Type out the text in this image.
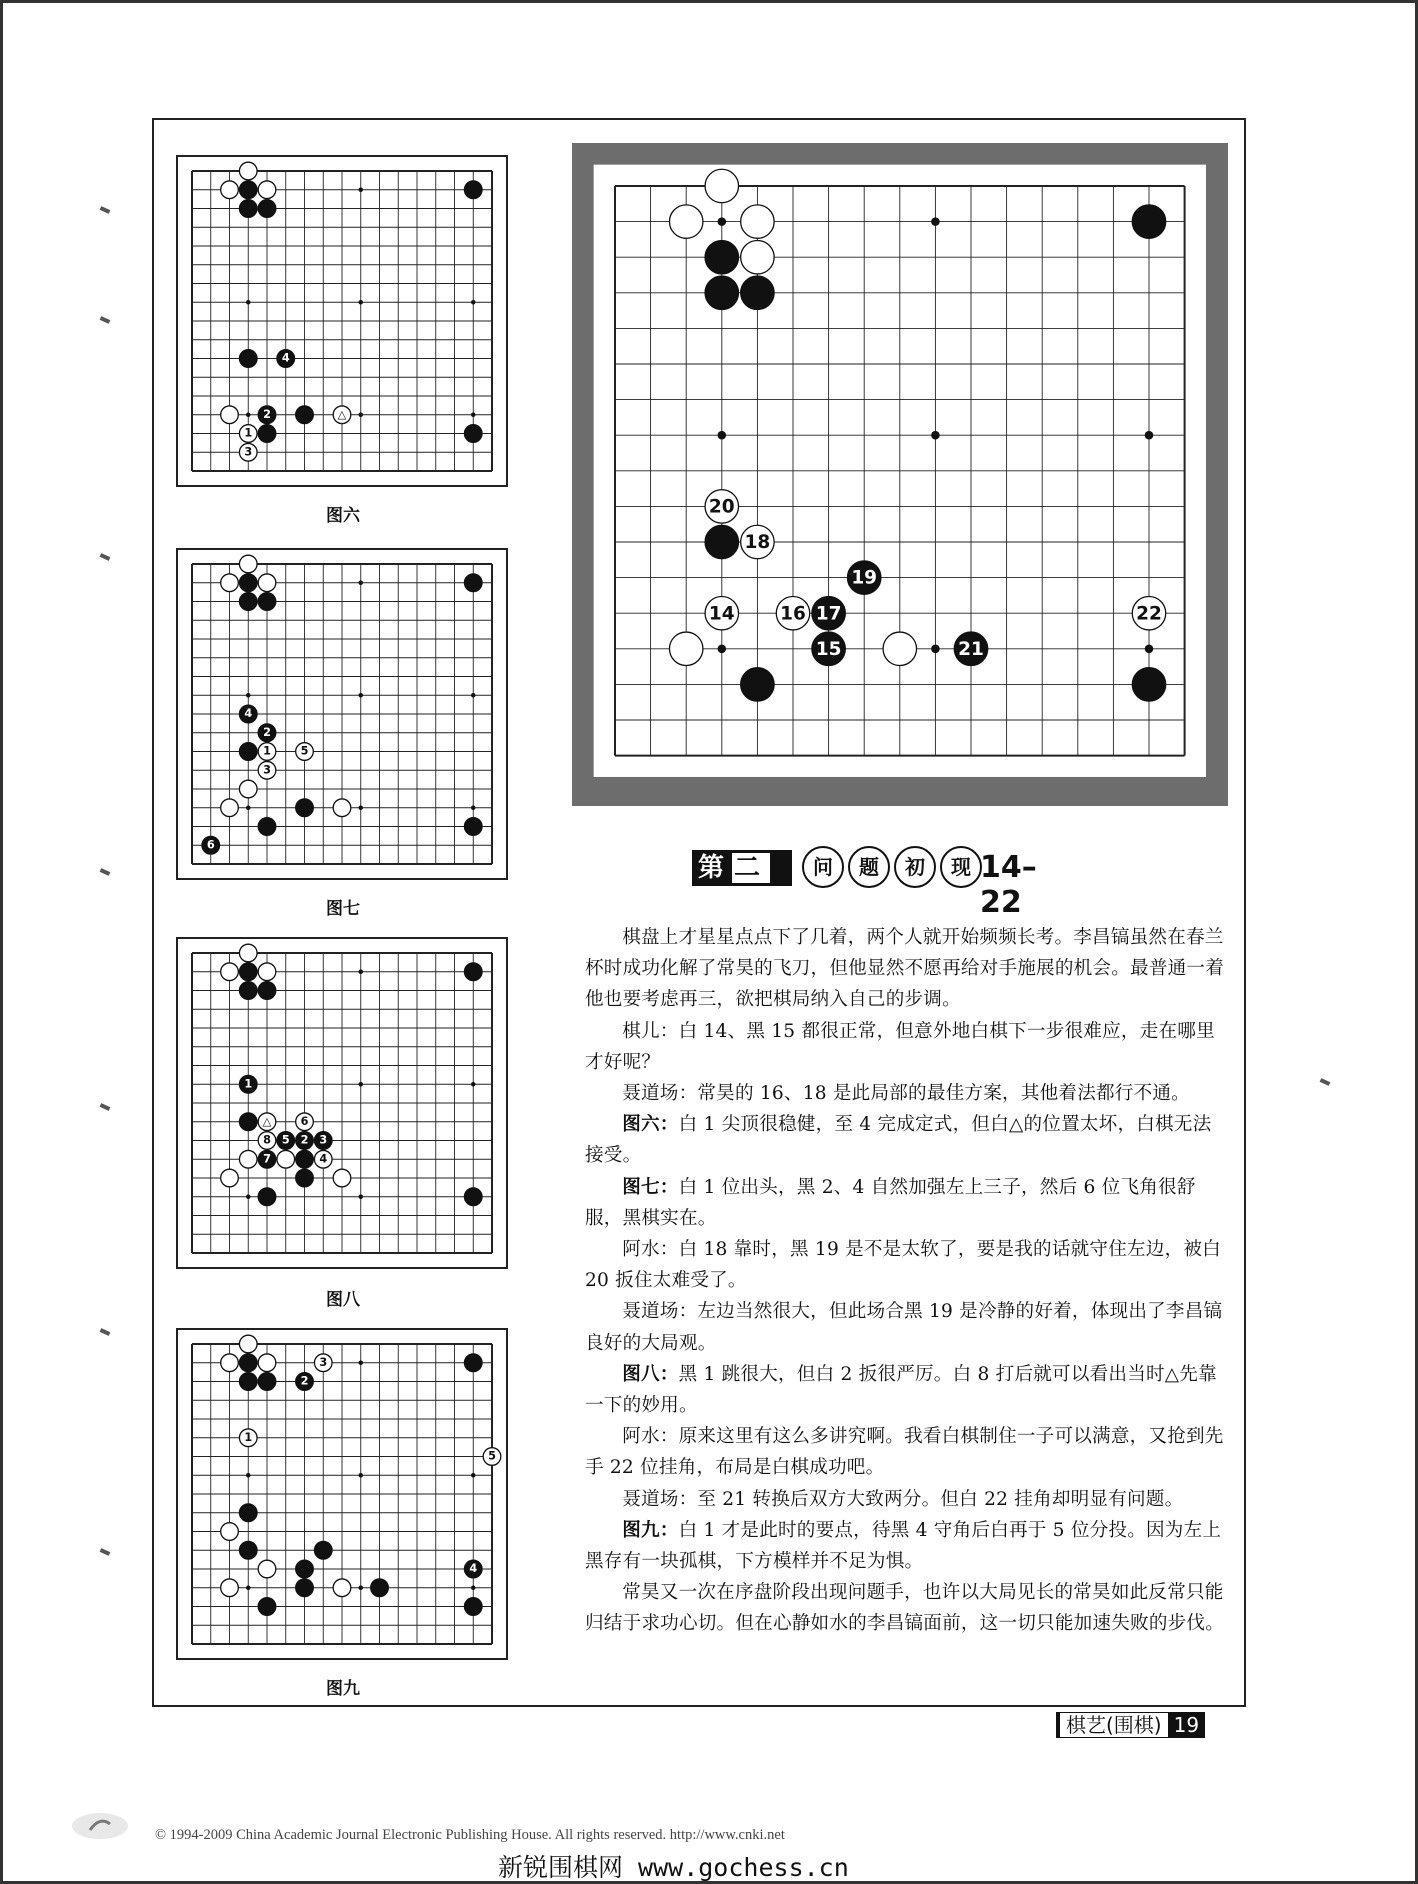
4
2	△
1
3
图六
4
2
1	5
3
6
图七
1
△	6
8 5 2 3
7	4
图八
3
2
1
5
4
图九
20
18
19
14 16 17	22
15	21
第二谱
问	题	初	现 14–22

棋盘上才星星点点下了几着，两个人就开始频频长考。李昌镐虽然在春兰杯时成功化解了常昊的飞刀，但他显然不愿再给对手施展的机会。最普通一着他也要考虑再三，欲把棋局纳入自己的步调。

棋儿：白 14、黑 15 都很正常，但意外地白棋下一步很难应，走在哪里才好呢？

聂道场：常昊的 16、18 是此局部的最佳方案，其他着法都行不通。

图六：白 1 尖顶很稳健，至 4 完成定式，但白△的位置太坏，白棋无法接受。

图七：白 1 位出头，黑 2、4 自然加强左上三子，然后 6 位飞角很舒服，黑棋实在。

阿水：白 18 靠时，黑 19 是不是太软了，要是我的话就守住左边，被白 20 扳住太难受了。

聂道场：左边当然很大，但此场合黑 19 是冷静的好着，体现出了李昌镐良好的大局观。

图八：黑 1 跳很大，但白 2 扳很严厉。白 8 打后就可以看出当时△先靠一下的妙用。

阿水：原来这里有这么多讲究啊。我看白棋制住一子可以满意，又抢到先手 22 位挂角，布局是白棋成功吧。

聂道场：至 21 转换后双方大致两分。但白 22 挂角却明显有问题。

图九：白 1 才是此时的要点，待黑 4 守角后白再于 5 位分投。因为左上黑存有一块孤棋，下方模样并不足为惧。

常昊又一次在序盘阶段出现问题手，也许以大局见长的常昊如此反常只能归结于求功心切。但在心静如水的李昌镐面前，这一切只能加速失败的步伐。

棋艺(围棋) 19
© 1994-2009 China Academic Journal Electronic Publishing House. All rights reserved. http://www.cnki.net
新锐围棋网 www.gochess.cn
